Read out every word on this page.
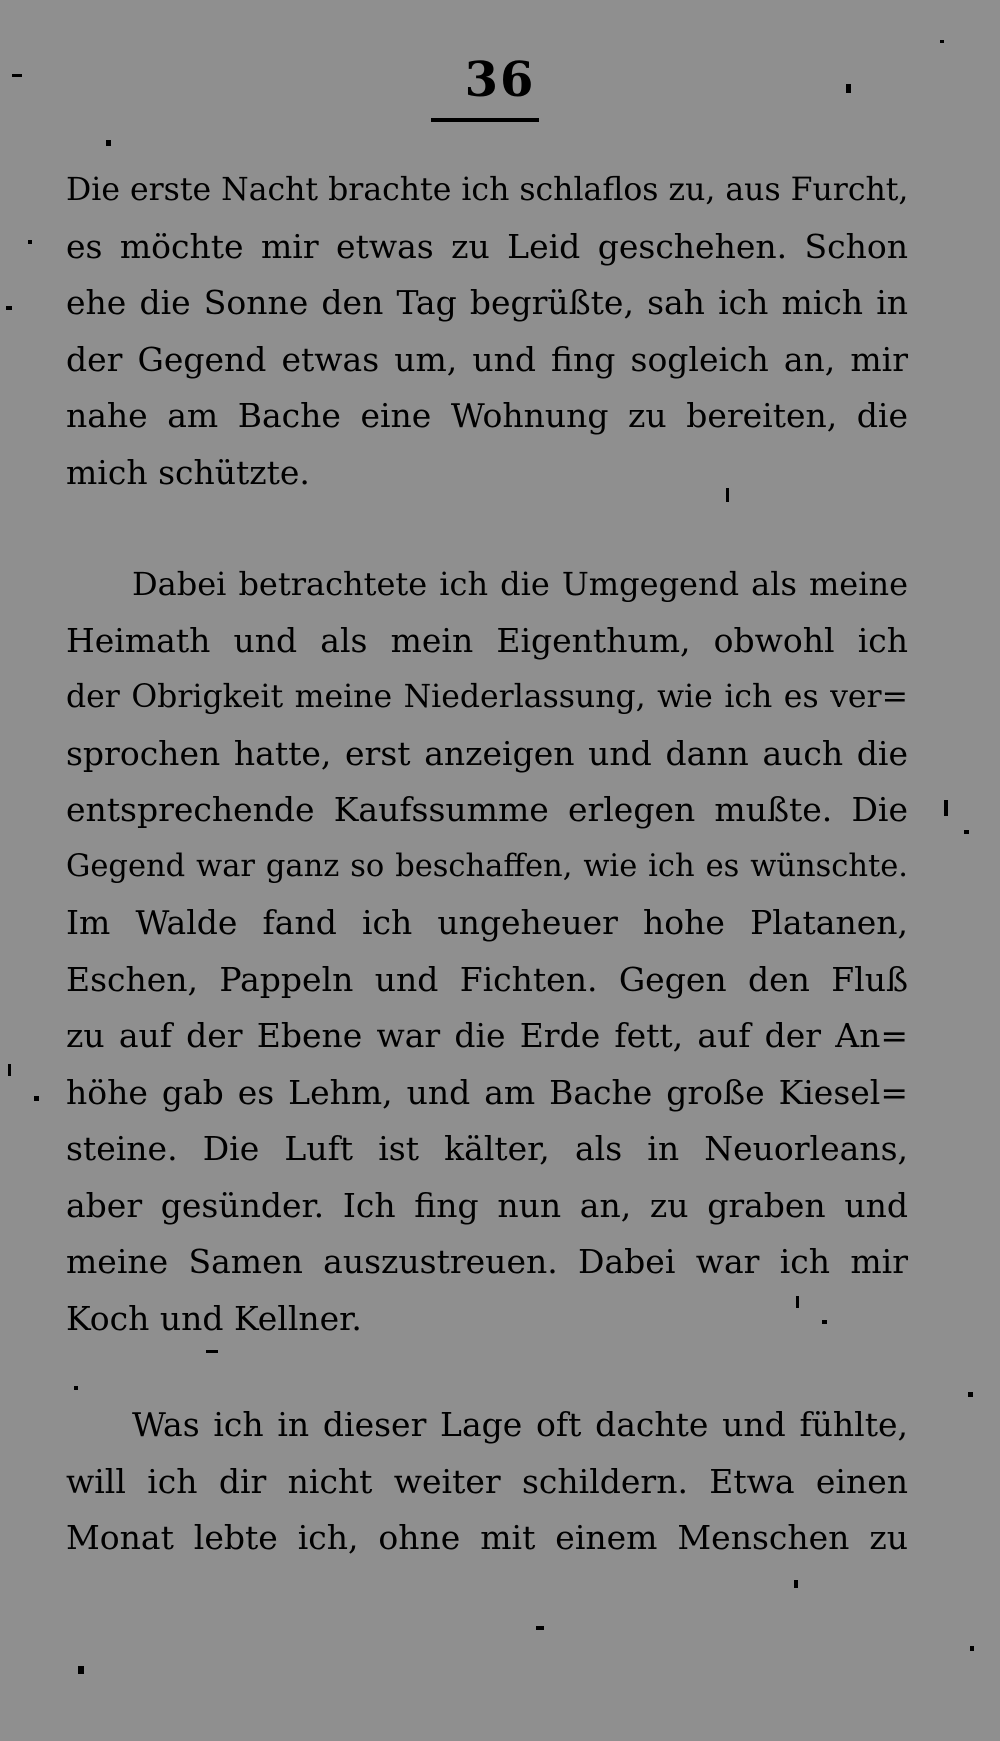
36
Die erste Nacht brachte ich schlaflos zu, aus Furcht,
es möchte mir etwas zu Leid geschehen. Schon
ehe die Sonne den Tag begrüßte, sah ich mich in
der Gegend etwas um, und fing sogleich an, mir
nahe am Bache eine Wohnung zu bereiten, die
mich schützte.
Dabei betrachtete ich die Umgegend als meine
Heimath und als mein Eigenthum, obwohl ich
der Obrigkeit meine Niederlassung, wie ich es ver=
sprochen hatte, erst anzeigen und dann auch die
entsprechende Kaufssumme erlegen mußte. Die
Gegend war ganz so beschaffen, wie ich es wünschte.
Im Walde fand ich ungeheuer hohe Platanen,
Eschen, Pappeln und Fichten. Gegen den Fluß
zu auf der Ebene war die Erde fett, auf der An=
höhe gab es Lehm, und am Bache große Kiesel=
steine. Die Luft ist kälter, als in Neuorleans,
aber gesünder. Ich fing nun an, zu graben und
meine Samen auszustreuen. Dabei war ich mir
Koch und Kellner.
Was ich in dieser Lage oft dachte und fühlte,
will ich dir nicht weiter schildern. Etwa einen
Monat lebte ich, ohne mit einem Menschen zu
